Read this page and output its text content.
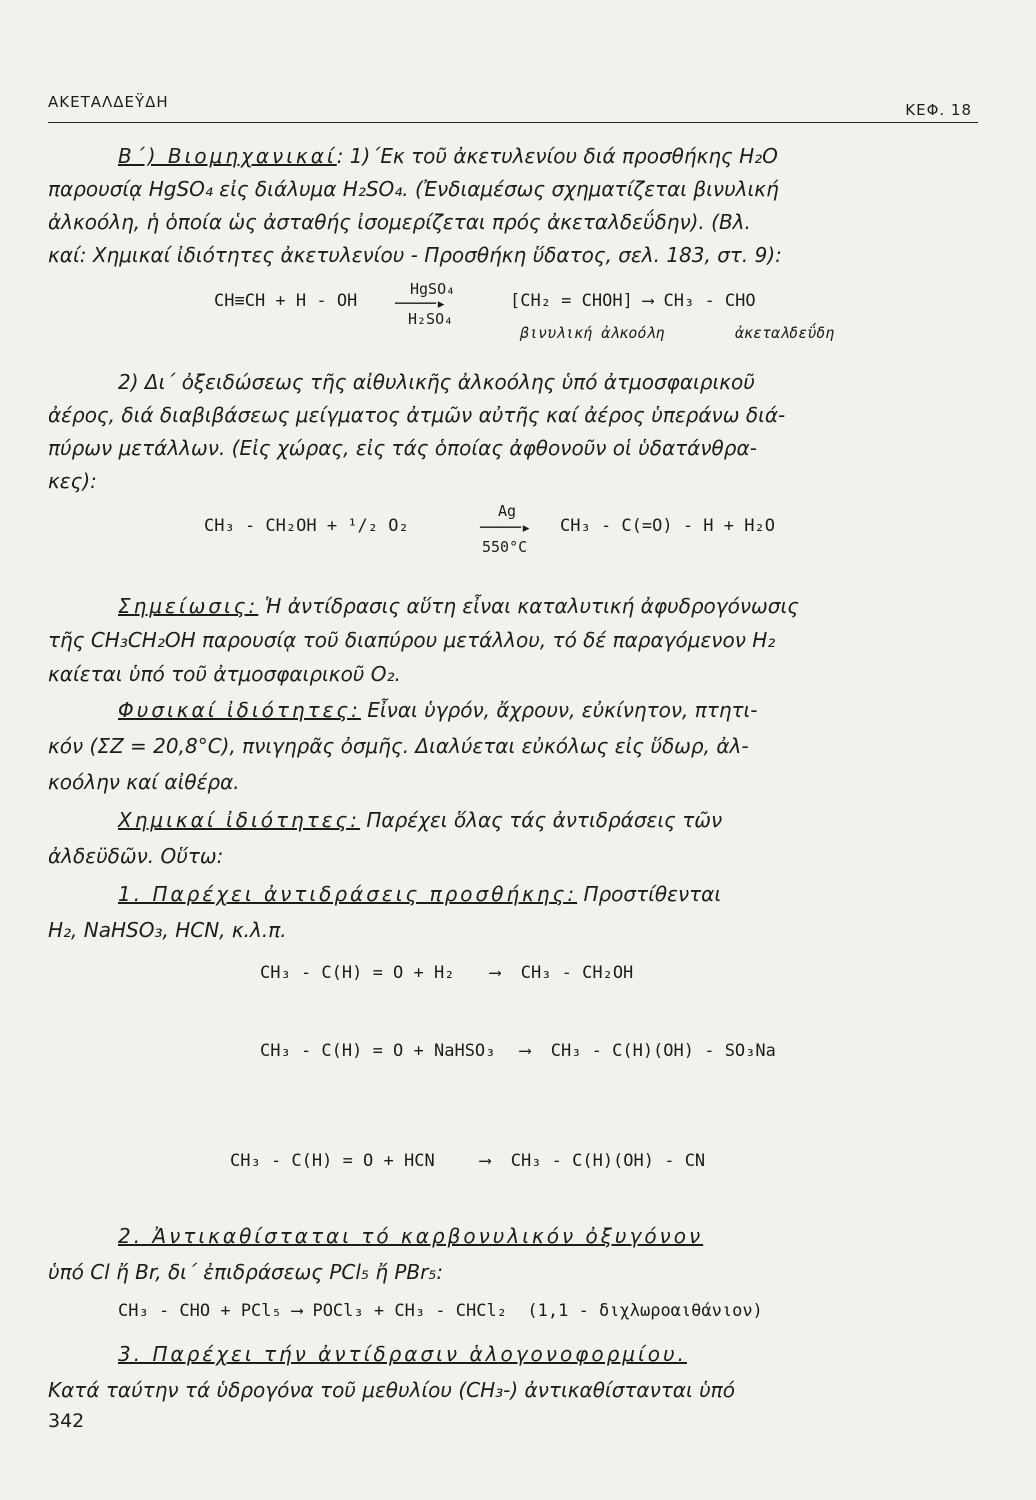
ΑΚΕΤΑΛΔΕΫΔΗ	ΚΕΦ. 18
Β΄) Βιομηχανικαί: 1)΄Εκ τοῦ ἀκετυλενίου διά προσθήκης H₂O
παρουσίᾳ HgSO₄ εἰς διάλυμα H₂SO₄. (Ἐνδιαμέσως σχηματίζεται βινυλική
ἀλκοόλη, ἡ ὁποία ὡς ἀσταθής ἰσομερίζεται πρός ἀκεταλδεΰδην). (Βλ.
καί: Χημικαί ἰδιότητες ἀκετυλενίου - Προσθήκη ὕδατος, σελ. 183, στ. 9):
CH≡CH + H - OH
HgSO₄
────▸
H₂SO₄
[CH₂ = CHOH] ⟶ CH₃ - CHO
βινυλική ἀλκοόλη	ἀκεταλδεΰδη
2) Δι΄ ὀξειδώσεως τῆς αἰθυλικῆς ἀλκοόλης ὑπό ἀτμοσφαιρικοῦ
ἀέρος, διά διαβιβάσεως μείγματος ἀτμῶν αὐτῆς καί ἀέρος ὑπεράνω διά-
πύρων μετάλλων. (Εἰς χώρας, εἰς τάς ὁποίας ἀφθονοῦν οἱ ὑδατάνθρα-
κες):
CH₃ - CH₂OH + ¹/₂ O₂
Ag
────▸
550°C
CH₃ - C(=O) - H + H₂O
Σημείωσις: Ἡ ἀντίδρασις αὕτη εἶναι καταλυτική ἀφυδρογόνωσις
τῆς CH₃CH₂OH παρουσίᾳ τοῦ διαπύρου μετάλλου, τό δέ παραγόμενον H₂
καίεται ὑπό τοῦ ἀτμοσφαιρικοῦ O₂.
Φυσικαί ἰδιότητες: Εἶναι ὑγρόν, ἄχρουν, εὐκίνητον, πτητι-
κόν (ΣΖ = 20,8°C), πνιγηρᾶς ὀσμῆς. Διαλύεται εὐκόλως εἰς ὕδωρ, ἀλ-
κοόλην καί αἰθέρα.
Χημικαί ἰδιότητες: Παρέχει ὅλας τάς ἀντιδράσεις τῶν
ἀλδεϋδῶν. Οὕτω:
1. Παρέχει ἀντιδράσεις προσθήκης: Προστίθενται
H₂, NaHSO₃, HCN, κ.λ.π.
CH₃ - C(H) = O + H₂ ⟶  CH₃ - CH₂OH
CH₃ - C(H) = O + NaHSO₃ ⟶  CH₃ - C(H)(OH) - SO₃Na
CH₃ - C(H) = O + HCN	⟶  CH₃ - C(H)(OH) - CN
2. Ἀντικαθίσταται τό καρβονυλικόν ὀξυγόνον
ὑπό Cl ἤ Br, δι΄ ἐπιδράσεως PCl₅ ἤ PBr₅:
CH₃ - CHO + PCl₅ ⟶ POCl₃ + CH₃ - CHCl₂  (1,1 - διχλωροαιθάνιον)
3. Παρέχει τήν ἀντίδρασιν ἁλογονοφορμίου.
Κατά ταύτην τά ὑδρογόνα τοῦ μεθυλίου (CH₃-) ἀντικαθίστανται ὑπό
342
